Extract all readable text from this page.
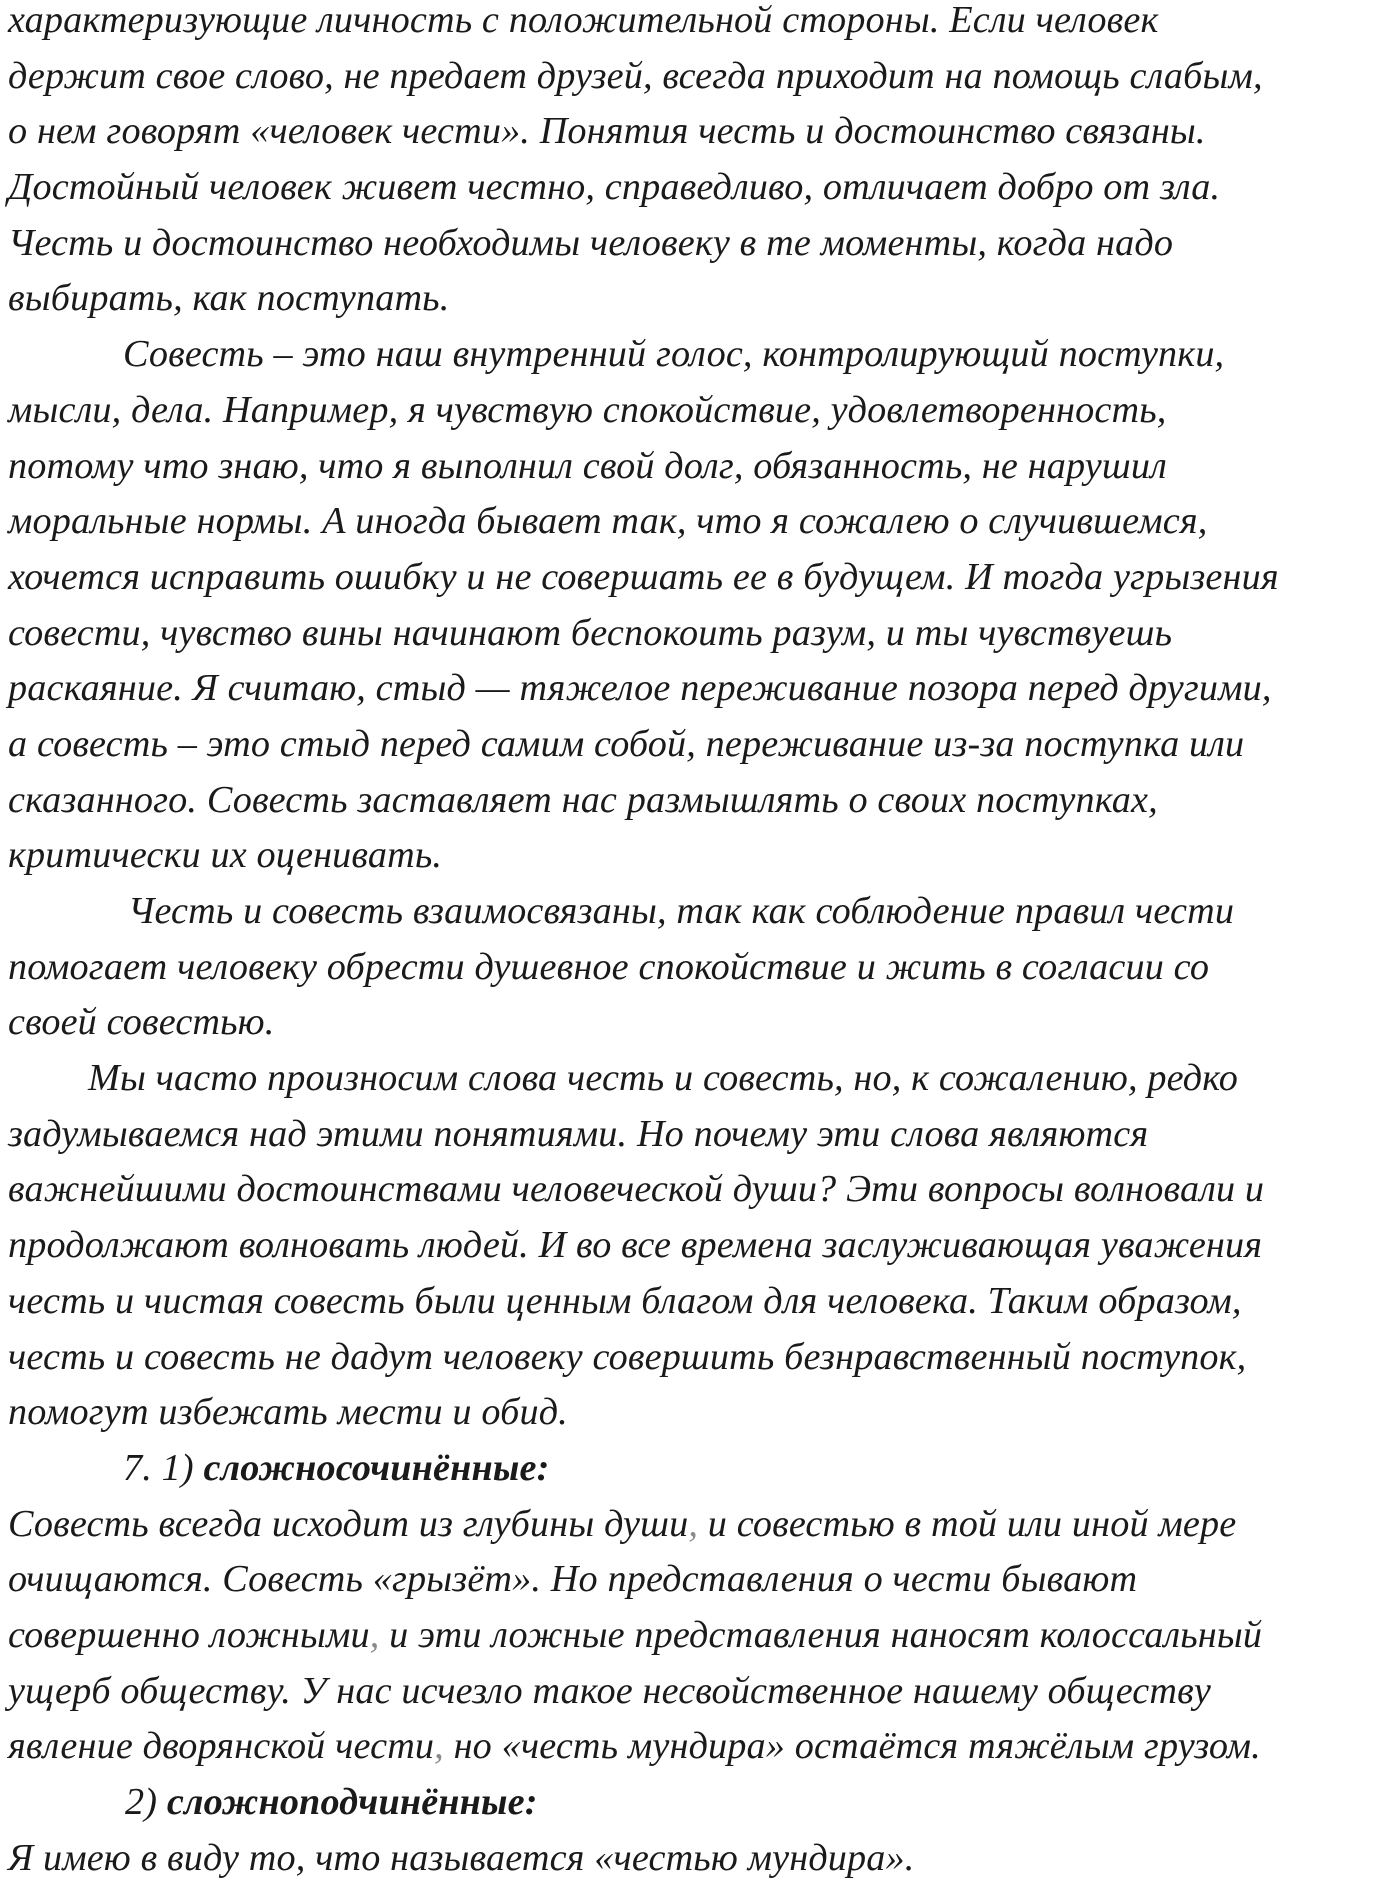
характеризующие личность с положительной стороны. Если человек
держит свое слово, не предает друзей, всегда приходит на помощь слабым,
о нем говорят «человек чести». Понятия честь и достоинство связаны.
Достойный человек живет честно, справедливо, отличает добро от зла.
Честь и достоинство необходимы человеку в те моменты, когда надо
выбирать, как поступать.
Совесть – это наш внутренний голос, контролирующий поступки,
мысли, дела. Например, я чувствую спокойствие, удовлетворенность,
потому что знаю, что я выполнил свой долг, обязанность, не нарушил
моральные нормы. А иногда бывает так, что я сожалею о случившемся,
хочется исправить ошибку и не совершать ее в будущем. И тогда угрызения
совести, чувство вины начинают беспокоить разум, и ты чувствуешь
раскаяние. Я считаю, стыд — тяжелое переживание позора перед другими,
а совесть – это стыд перед самим собой, переживание из-за поступка или
сказанного. Совесть заставляет нас размышлять о своих поступках,
критически их оценивать.
Честь и совесть взаимосвязаны, так как соблюдение правил чести
помогает человеку обрести душевное спокойствие и жить в согласии со
своей совестью.
Мы часто произносим слова честь и совесть, но, к сожалению, редко
задумываемся над этими понятиями. Но почему эти слова являются
важнейшими достоинствами человеческой души? Эти вопросы волновали и
продолжают волновать людей. И во все времена заслуживающая уважения
честь и чистая совесть были ценным благом для человека. Таким образом,
честь и совесть не дадут человеку совершить безнравственный поступок,
помогут избежать мести и обид.
7. 1) сложносочинённые:
Совесть всегда исходит из глубины души, и совестью в той или иной мере
очищаются. Совесть «грызёт». Но представления о чести бывают
совершенно ложными, и эти ложные представления наносят колоссальный
ущерб обществу. У нас исчезло такое несвойственное нашему обществу
явление дворянской чести, но «честь мундира» остаётся тяжёлым грузом.
2) сложноподчинённые:
Я имею в виду то, что называется «честью мундира».
